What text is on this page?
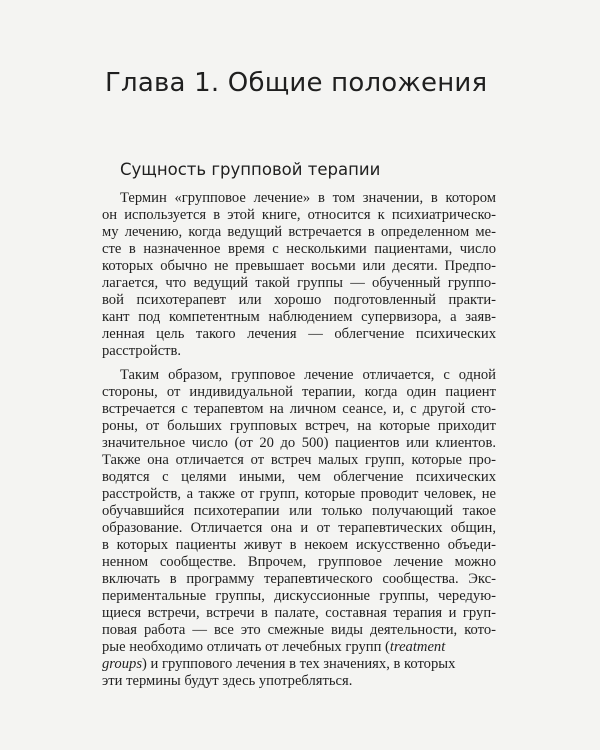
Глава 1. Общие положения
Сущность групповой терапии
Термин «групповое лечение» в том значении, в котором
он используется в этой книге, относится к психиатрическо-
му лечению, когда ведущий встречается в определенном ме-
сте в назначенное время с несколькими пациентами, число
которых обычно не превышает восьми или десяти. Предпо-
лагается, что ведущий такой группы — обученный группо-
вой психотерапевт или хорошо подготовленный практи-
кант под компетентным наблюдением супервизора, а заяв-
ленная цель такого лечения — облегчение психических
расстройств.
Таким образом, групповое лечение отличается, с одной
стороны, от индивидуальной терапии, когда один пациент
встречается с терапевтом на личном сеансе, и, с другой сто-
роны, от больших групповых встреч, на которые приходит
значительное число (от 20 до 500) пациентов или клиентов.
Также она отличается от встреч малых групп, которые про-
водятся с целями иными, чем облегчение психических
расстройств, а также от групп, которые проводит человек, не
обучавшийся психотерапии или только получающий такое
образование. Отличается она и от терапевтических общин,
в которых пациенты живут в некоем искусственно объеди-
ненном сообществе. Впрочем, групповое лечение можно
включать в программу терапевтического сообщества. Экс-
периментальные группы, дискуссионные группы, чередую-
щиеся встречи, встречи в палате, составная терапия и груп-
повая работа — все это смежные виды деятельности, кото-
рые необходимо отличать от лечебных групп (treatment
groups) и группового лечения в тех значениях, в которых
эти термины будут здесь употребляться.
